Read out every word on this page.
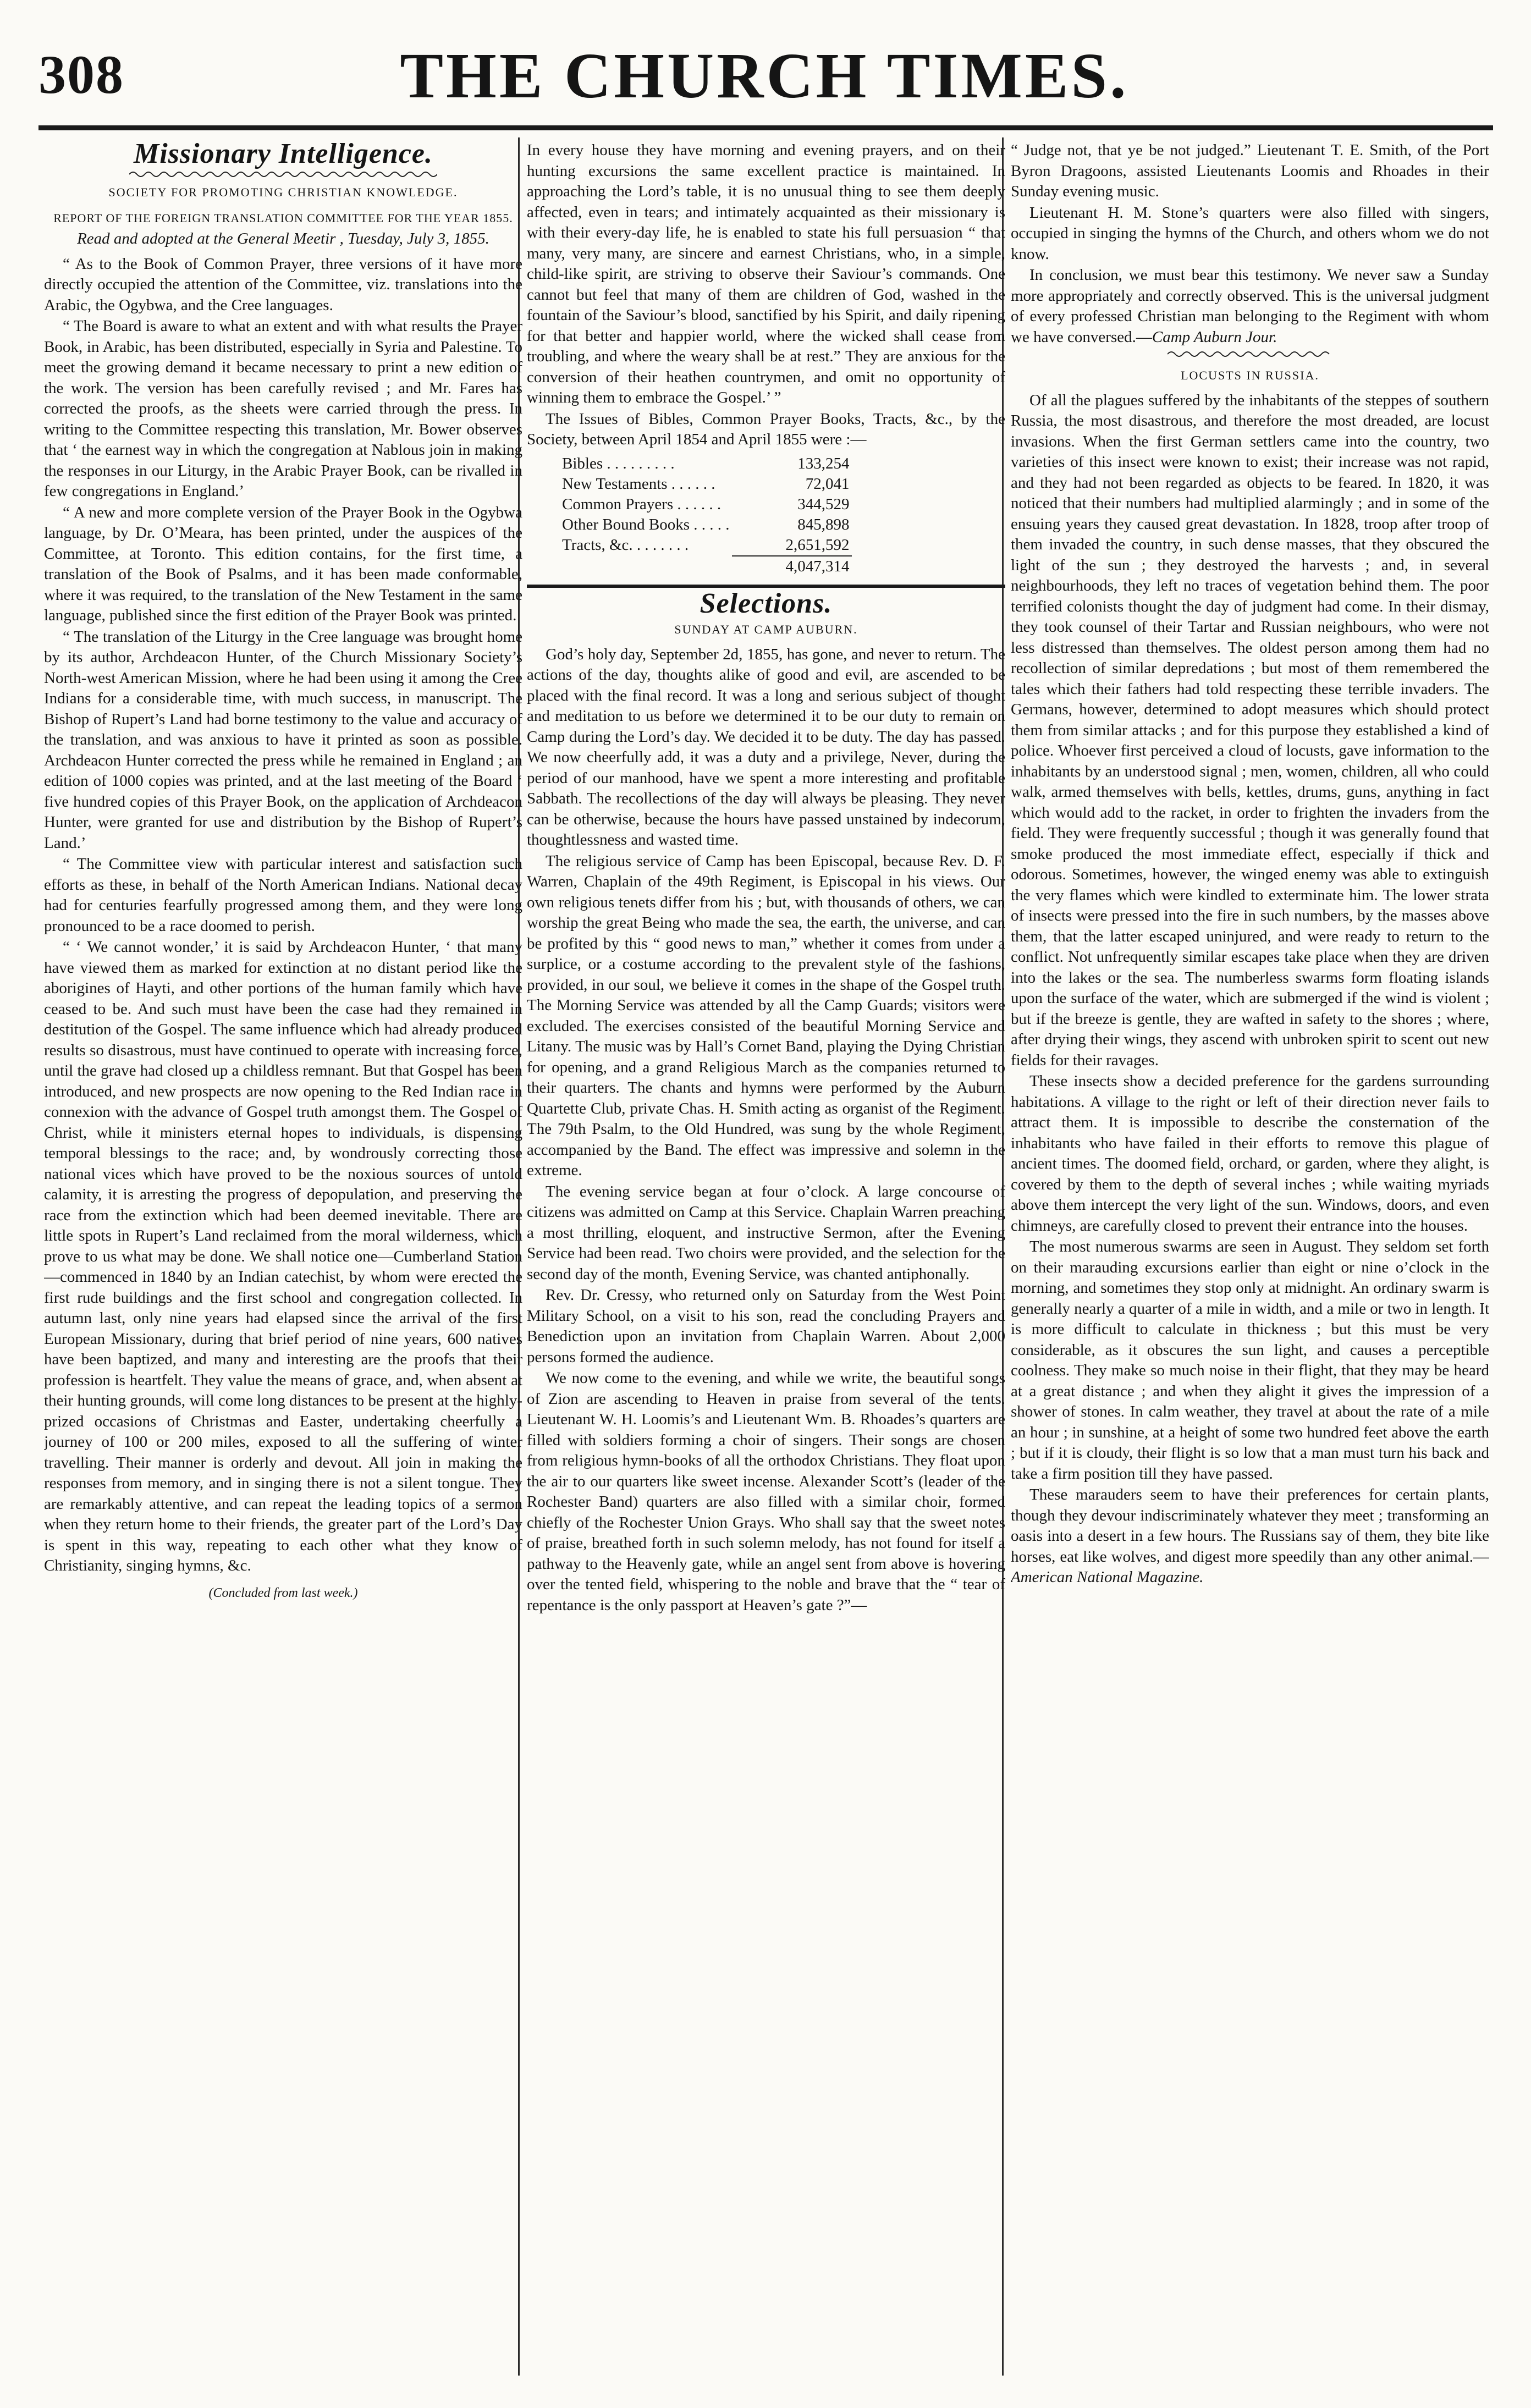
308	THE CHURCH TIMES.
Missionary Intelligence.
SOCIETY FOR PROMOTING CHRISTIAN KNOWLEDGE.
REPORT OF THE FOREIGN TRANSLATION COMMITTEE FOR THE YEAR 1855.
Read and adopted at the General Meetir , Tuesday, July 3, 1855.

“ As to the Book of Common Prayer, three versions of it have more directly occupied the attention of the Committee, viz. translations into the Arabic, the Ogybwa, and the Cree languages.

“ The Board is aware to what an extent and with what results the Prayer Book, in Arabic, has been distributed, especially in Syria and Palestine. To meet the growing demand it became necessary to print a new edition of the work. The version has been carefully revised ; and Mr. Fares has corrected the proofs, as the sheets were carried through the press. In writing to the Committee respecting this translation, Mr. Bower observes that ‘ the earnest way in which the congregation at Nablous join in making the responses in our Liturgy, in the Arabic Prayer Book, can be rivalled in few congregations in England.’

“ A new and more complete version of the Prayer Book in the Ogybwa language, by Dr. O’Meara, has been printed, under the auspices of the Committee, at Toronto. This edition contains, for the first time, a translation of the Book of Psalms, and it has been made conformable, where it was required, to the translation of the New Testament in the same language, published since the first edition of the Prayer Book was printed.

“ The translation of the Liturgy in the Cree language was brought home by its author, Archdeacon Hunter, of the Church Missionary Society’s North-west American Mission, where he had been using it among the Cree Indians for a considerable time, with much success, in manuscript. The Bishop of Rupert’s Land had borne testimony to the value and accuracy of the translation, and was anxious to have it printed as soon as possible. Archdeacon Hunter corrected the press while he remained in England ; an edition of 1000 copies was printed, and at the last meeting of the Board ‘ five hundred copies of this Prayer Book, on the application of Archdeacon Hunter, were granted for use and distribution by the Bishop of Rupert’s Land.’

“ The Committee view with particular interest and satisfaction such efforts as these, in behalf of the North American Indians. National decay had for centuries fearfully progressed among them, and they were long pronounced to be a race doomed to perish.

“ ‘ We cannot wonder,’ it is said by Archdeacon Hunter, ‘ that many have viewed them as marked for extinction at no distant period like the aborigines of Hayti, and other portions of the human family which have ceased to be. And such must have been the case had they remained in destitution of the Gospel. The same influence which had already produced results so disastrous, must have continued to operate with increasing force, until the grave had closed up a childless remnant. But that Gospel has been introduced, and new prospects are now opening to the Red Indian race in connexion with the advance of Gospel truth amongst them. The Gospel of Christ, while it ministers eternal hopes to individuals, is dispensing temporal blessings to the race; and, by wondrously correcting those national vices which have proved to be the noxious sources of untold calamity, it is arresting the progress of depopulation, and preserving the race from the extinction which had been deemed inevitable. There are little spots in Rupert’s Land reclaimed from the moral wilderness, which prove to us what may be done. We shall notice one—Cumberland Station—commenced in 1840 by an Indian catechist, by whom were erected the first rude buildings and the first school and congregation collected. In autumn last, only nine years had elapsed since the arrival of the first European Missionary, during that brief period of nine years, 600 natives have been baptized, and many and interesting are the proofs that their profession is heartfelt. They value the means of grace, and, when absent at their hunting grounds, will come long distances to be present at the highly-prized occasions of Christmas and Easter, undertaking cheerfully a journey of 100 or 200 miles, exposed to all the suffering of winter travelling. Their manner is orderly and devout. All join in making the responses from memory, and in singing there is not a silent tongue. They are remarkably attentive, and can repeat the leading topics of a sermon when they return home to their friends, the greater part of the Lord’s Day is spent in this way, repeating to each other what they know of Christianity, singing hymns, &c.

(Concluded from last week.)

In every house they have morning and evening prayers, and on their hunting excursions the same excellent practice is maintained. In approaching the Lord’s table, it is no unusual thing to see them deeply affected, even in tears; and intimately acquainted as their missionary is with their every-day life, he is enabled to state his full persuasion “ that many, very many, are sincere and earnest Christians, who, in a simple, child-like spirit, are striving to observe their Saviour’s commands. One cannot but feel that many of them are children of God, washed in the fountain of the Saviour’s blood, sanctified by his Spirit, and daily ripening for that better and happier world, where the wicked shall cease from troubling, and where the weary shall be at rest.” They are anxious for the conversion of their heathen countrymen, and omit no opportunity of winning them to embrace the Gospel.’ ”

The Issues of Bibles, Common Prayer Books, Tracts, &c., by the Society, between April 1854 and April 1855 were :—

Bibles . . . . . . . . .	133,254
New Testaments . . . . . .	72,041
Common Prayers . . . . . .	344,529
Other Bound Books . . . . .	845,898
Tracts, &c. . . . . . . .	2,651,592
	4,047,314
Selections.
SUNDAY AT CAMP AUBURN.

God’s holy day, September 2d, 1855, has gone, and never to return. The actions of the day, thoughts alike of good and evil, are ascended to be placed with the final record. It was a long and serious subject of thought and meditation to us before we determined it to be our duty to remain on Camp during the Lord’s day. We decided it to be duty. The day has passed. We now cheerfully add, it was a duty and a privilege, Never, during the period of our manhood, have we spent a more interesting and profitable Sabbath. The recollections of the day will always be pleasing. They never can be otherwise, because the hours have passed unstained by indecorum, thoughtlessness and wasted time.

The religious service of Camp has been Episcopal, because Rev. D. F. Warren, Chaplain of the 49th Regiment, is Episcopal in his views. Our own religious tenets differ from his ; but, with thousands of others, we can worship the great Being who made the sea, the earth, the universe, and can be profited by this “ good news to man,” whether it comes from under a surplice, or a costume according to the prevalent style of the fashions, provided, in our soul, we believe it comes in the shape of the Gospel truth. The Morning Service was attended by all the Camp Guards; visitors were excluded. The exercises consisted of the beautiful Morning Service and Litany. The music was by Hall’s Cornet Band, playing the Dying Christian for opening, and a grand Religious March as the companies returned to their quarters. The chants and hymns were performed by the Auburn Quartette Club, private Chas. H. Smith acting as organist of the Regiment. The 79th Psalm, to the Old Hundred, was sung by the whole Regiment, accompanied by the Band. The effect was impressive and solemn in the extreme.

The evening service began at four o’clock. A large concourse of citizens was admitted on Camp at this Service. Chaplain Warren preaching a most thrilling, eloquent, and instructive Sermon, after the Evening Service had been read. Two choirs were provided, and the selection for the second day of the month, Evening Service, was chanted antiphonally.

Rev. Dr. Cressy, who returned only on Saturday from the West Point Military School, on a visit to his son, read the concluding Prayers and Benediction upon an invitation from Chaplain Warren. About 2,000 persons formed the audience.

We now come to the evening, and while we write, the beautiful songs of Zion are ascending to Heaven in praise from several of the tents. Lieutenant W. H. Loomis’s and Lieutenant Wm. B. Rhoades’s quarters are filled with soldiers forming a choir of singers. Their songs are chosen from religious hymn-books of all the orthodox Christians. They float upon the air to our quarters like sweet incense. Alexander Scott’s (leader of the Rochester Band) quarters are also filled with a similar choir, formed chiefly of the Rochester Union Grays. Who shall say that the sweet notes of praise, breathed forth in such solemn melody, has not found for itself a pathway to the Heavenly gate, while an angel sent from above is hovering over the tented field, whispering to the noble and brave that the “ tear of repentance is the only passport at Heaven’s gate ?”—

“ Judge not, that ye be not judged.” Lieutenant T. E. Smith, of the Port Byron Dragoons, assisted Lieutenants Loomis and Rhoades in their Sunday evening music.

Lieutenant H. M. Stone’s quarters were also filled with singers, occupied in singing the hymns of the Church, and others whom we do not know.

In conclusion, we must bear this testimony. We never saw a Sunday more appropriately and correctly observed. This is the universal judgment of every professed Christian man belonging to the Regiment with whom we have conversed.—Camp Auburn Jour.

LOCUSTS IN RUSSIA.

Of all the plagues suffered by the inhabitants of the steppes of southern Russia, the most disastrous, and therefore the most dreaded, are locust invasions. When the first German settlers came into the country, two varieties of this insect were known to exist; their increase was not rapid, and they had not been regarded as objects to be feared. In 1820, it was noticed that their numbers had multiplied alarmingly ; and in some of the ensuing years they caused great devastation. In 1828, troop after troop of them invaded the country, in such dense masses, that they obscured the light of the sun ; they destroyed the harvests ; and, in several neighbourhoods, they left no traces of vegetation behind them. The poor terrified colonists thought the day of judgment had come. In their dismay, they took counsel of their Tartar and Russian neighbours, who were not less distressed than themselves. The oldest person among them had no recollection of similar depredations ; but most of them remembered the tales which their fathers had told respecting these terrible invaders. The Germans, however, determined to adopt measures which should protect them from similar attacks ; and for this purpose they established a kind of police. Whoever first perceived a cloud of locusts, gave information to the inhabitants by an understood signal ; men, women, children, all who could walk, armed themselves with bells, kettles, drums, guns, anything in fact which would add to the racket, in order to frighten the invaders from the field. They were frequently successful ; though it was generally found that smoke produced the most immediate effect, especially if thick and odorous. Sometimes, however, the winged enemy was able to extinguish the very flames which were kindled to exterminate him. The lower strata of insects were pressed into the fire in such numbers, by the masses above them, that the latter escaped uninjured, and were ready to return to the conflict. Not unfrequently similar escapes take place when they are driven into the lakes or the sea. The numberless swarms form floating islands upon the surface of the water, which are submerged if the wind is violent ; but if the breeze is gentle, they are wafted in safety to the shores ; where, after drying their wings, they ascend with unbroken spirit to scent out new fields for their ravages.

These insects show a decided preference for the gardens surrounding habitations. A village to the right or left of their direction never fails to attract them. It is impossible to describe the consternation of the inhabitants who have failed in their efforts to remove this plague of ancient times. The doomed field, orchard, or garden, where they alight, is covered by them to the depth of several inches ; while waiting myriads above them intercept the very light of the sun. Windows, doors, and even chimneys, are carefully closed to prevent their entrance into the houses.

The most numerous swarms are seen in August. They seldom set forth on their marauding excursions earlier than eight or nine o’clock in the morning, and sometimes they stop only at midnight. An ordinary swarm is generally nearly a quarter of a mile in width, and a mile or two in length. It is more difficult to calculate in thickness ; but this must be very considerable, as it obscures the sun light, and causes a perceptible coolness. They make so much noise in their flight, that they may be heard at a great distance ; and when they alight it gives the impression of a shower of stones. In calm weather, they travel at about the rate of a mile an hour ; in sunshine, at a height of some two hundred feet above the earth ; but if it is cloudy, their flight is so low that a man must turn his back and take a firm position till they have passed.

These marauders seem to have their preferences for certain plants, though they devour indiscriminately whatever they meet ; transforming an oasis into a desert in a few hours. The Russians say of them, they bite like horses, eat like wolves, and digest more speedily than any other animal.—American National Magazine.
